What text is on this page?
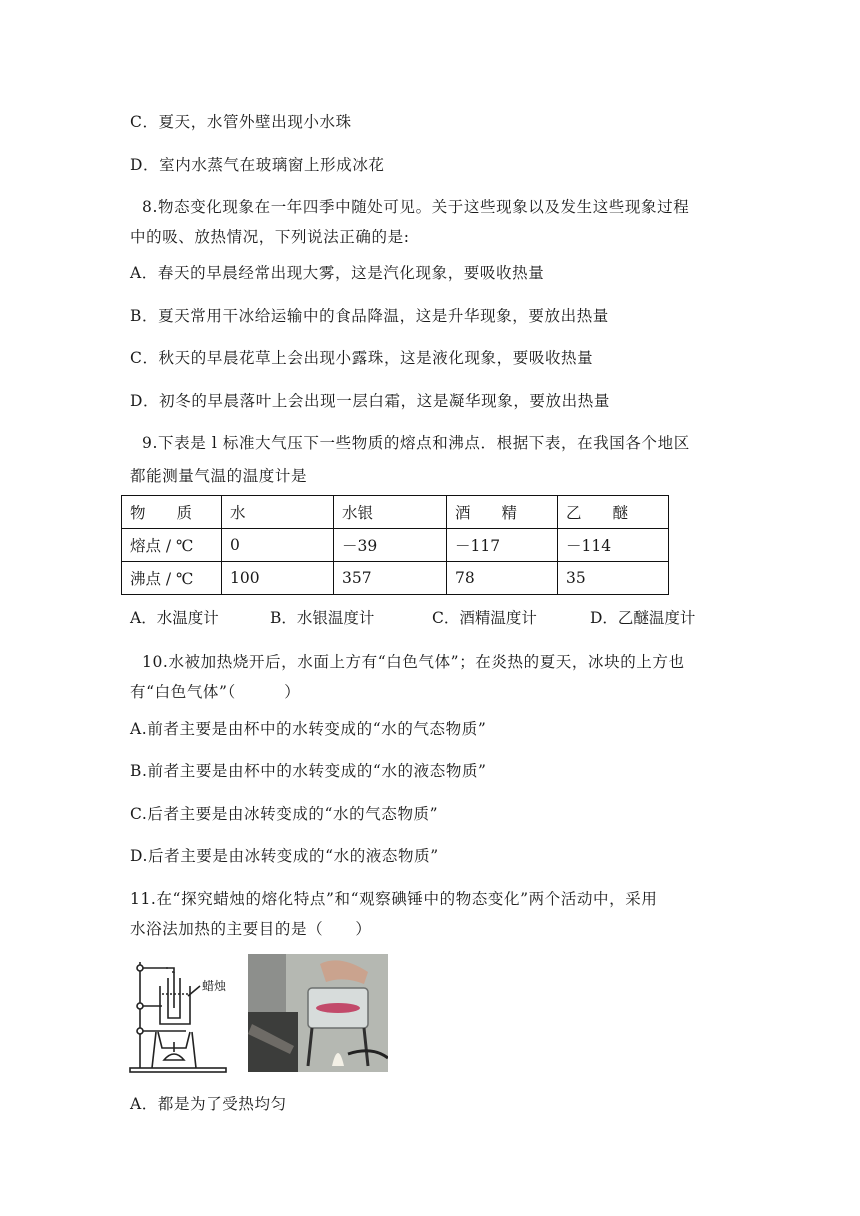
C．夏天，水管外壁出现小水珠
D．室内水蒸气在玻璃窗上形成冰花
8.物态变化现象在一年四季中随处可见。关于这些现象以及发生这些现象过程
中的吸、放热情况，下列说法正确的是:
A．春天的早晨经常出现大雾，这是汽化现象，要吸收热量
B．夏天常用干冰给运输中的食品降温，这是升华现象，要放出热量
C．秋天的早晨花草上会出现小露珠，这是液化现象，要吸收热量
D．初冬的早晨落叶上会出现一层白霜，这是凝华现象，要放出热量
9.下表是 l 标准大气压下一些物质的熔点和沸点．根据下表，在我国各个地区
都能测量气温的温度计是
物　　质	水	水银	酒　　精	乙　　醚
熔点 / ℃	0	－39	－117	－114
沸点 / ℃	100	357	78	35
A．水温度计	B．水银温度计	C．酒精温度计	D．乙醚温度计
10.水被加热烧开后，水面上方有“白色气体”；在炎热的夏天，冰块的上方也
有“白色气体”（　　　）
A.前者主要是由杯中的水转变成的“水的气态物质”
B.前者主要是由杯中的水转变成的“水的液态物质”
C.后者主要是由冰转变成的“水的气态物质”
D.后者主要是由冰转变成的“水的液态物质”
11.在“探究蜡烛的熔化特点”和“观察碘锤中的物态变化”两个活动中，采用
水浴法加热的主要目的是（　　）
蜡烛
A．都是为了受热均匀
